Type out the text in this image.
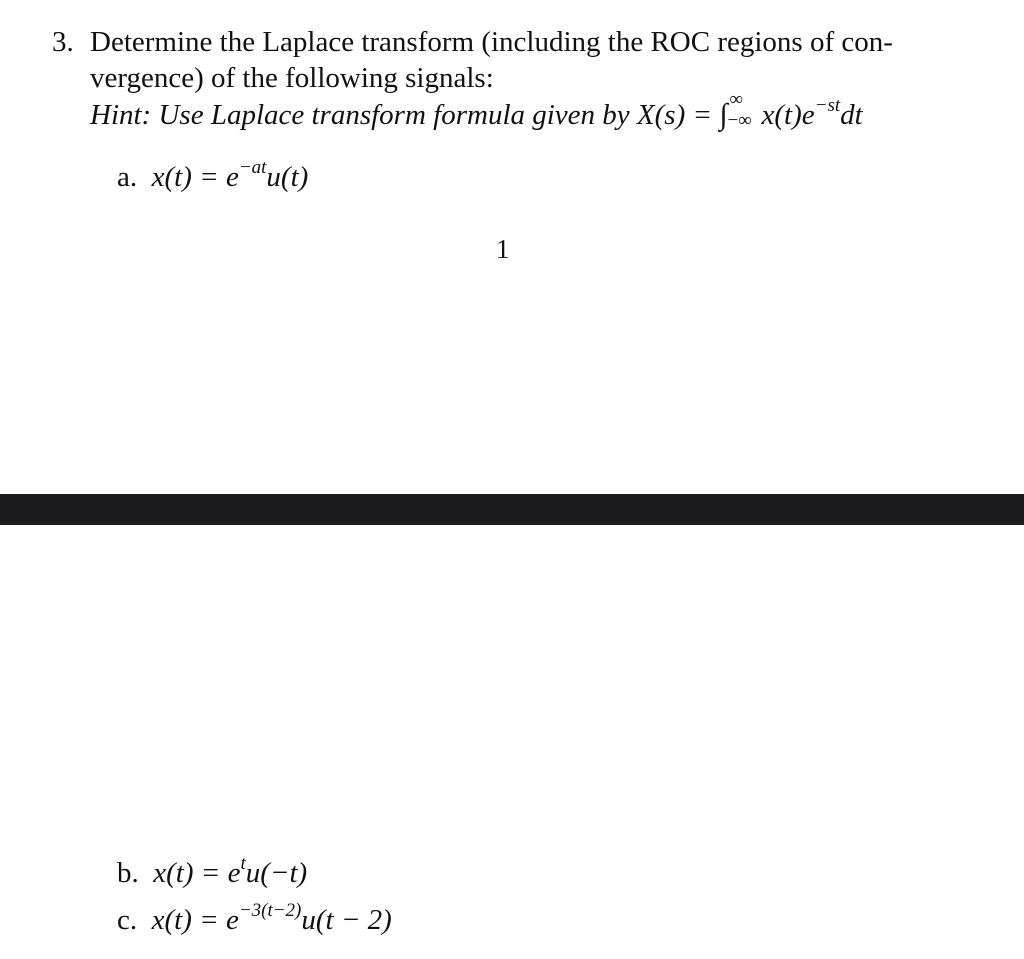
3. Determine the Laplace transform (including the ROC regions of con-
vergence) of the following signals:
Hint: Use Laplace transform formula given by X(s) = ∫ ∞
−∞ $x(t)e^{-st}dt$
a. $x(t) = e^{-at}u(t)$
1
b. $x(t) = e^tu(-t)$
c. $x(t) = e^{-3(t-2)}u(t - 2)$
